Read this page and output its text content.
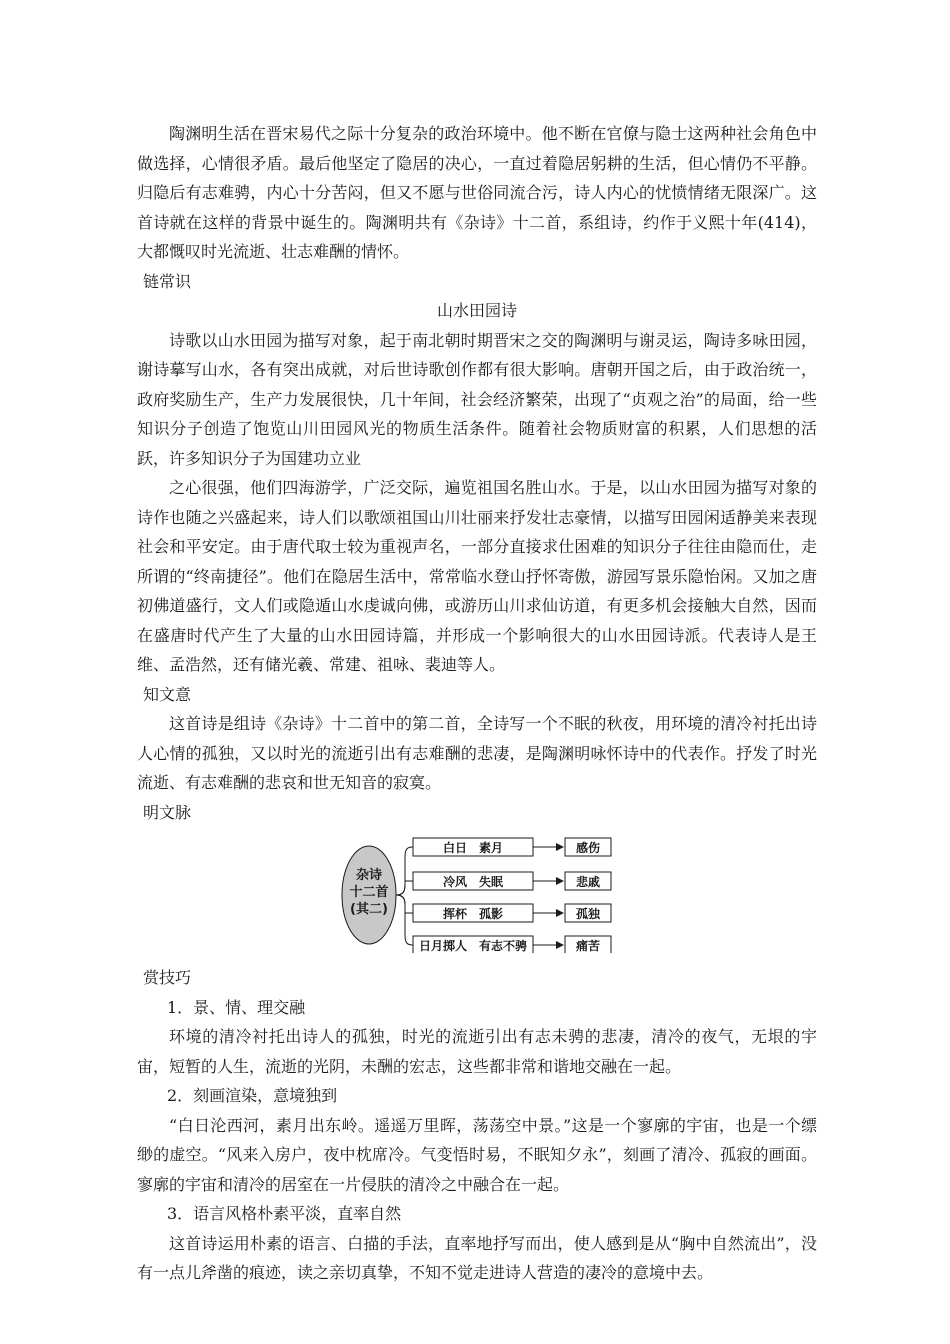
陶渊明生活在晋宋易代之际十分复杂的政治环境中。他不断在官僚与隐士这两种社会角色中做选择，心情很矛盾。最后他坚定了隐居的决心，一直过着隐居躬耕的生活，但心情仍不平静。归隐后有志难骋，内心十分苦闷，但又不愿与世俗同流合污，诗人内心的忧愤情绪无限深广。这首诗就在这样的背景中诞生的。陶渊明共有《杂诗》十二首，系组诗，约作于义熙十年(414)，大都慨叹时光流逝、壮志难酬的情怀。

链常识

山水田园诗

诗歌以山水田园为描写对象，起于南北朝时期晋宋之交的陶渊明与谢灵运，陶诗多咏田园，谢诗摹写山水，各有突出成就，对后世诗歌创作都有很大影响。唐朝开国之后，由于政治统一，政府奖励生产，生产力发展很快，几十年间，社会经济繁荣，出现了“贞观之治”的局面，给一些知识分子创造了饱览山川田园风光的物质生活条件。随着社会物质财富的积累，人们思想的活跃，许多知识分子为国建功立业

之心很强，他们四海游学，广泛交际，遍览祖国名胜山水。于是，以山水田园为描写对象的诗作也随之兴盛起来，诗人们以歌颂祖国山川壮丽来抒发壮志豪情，以描写田园闲适静美来表现社会和平安定。由于唐代取士较为重视声名，一部分直接求仕困难的知识分子往往由隐而仕，走所谓的“终南捷径”。他们在隐居生活中，常常临水登山抒怀寄傲，游园写景乐隐怡闲。又加之唐初佛道盛行，文人们或隐遁山水虔诚向佛，或游历山川求仙访道，有更多机会接触大自然，因而在盛唐时代产生了大量的山水田园诗篇，并形成一个影响很大的山水田园诗派。代表诗人是王维、孟浩然，还有储光羲、常建、祖咏、裴迪等人。

知文意

这首诗是组诗《杂诗》十二首中的第二首，全诗写一个不眠的秋夜，用环境的清冷衬托出诗人心情的孤独，又以时光的流逝引出有志难酬的悲凄，是陶渊明咏怀诗中的代表作。抒发了时光流逝、有志难酬的悲哀和世无知音的寂寞。

明文脉

杂诗
十二首
(其二)
白日　素月
冷风　失眠
挥杯　孤影
日月掷人　有志不骋
感伤
悲戚
孤独
痛苦

赏技巧

1．景、情、理交融

环境的清冷衬托出诗人的孤独，时光的流逝引出有志未骋的悲凄，清冷的夜气，无垠的宇宙，短暂的人生，流逝的光阴，未酬的宏志，这些都非常和谐地交融在一起。

2．刻画渲染，意境独到

“白日沦西河，素月出东岭。遥遥万里晖，荡荡空中景。”这是一个寥廓的宇宙，也是一个缥缈的虚空。“风来入房户，夜中枕席冷。气变悟时易，不眠知夕永”，刻画了清冷、孤寂的画面。寥廓的宇宙和清冷的居室在一片侵肤的清冷之中融合在一起。

3．语言风格朴素平淡，直率自然

这首诗运用朴素的语言、白描的手法，直率地抒写而出，使人感到是从“胸中自然流出”，没有一点儿斧凿的痕迹，读之亲切真挚，不知不觉走进诗人营造的凄冷的意境中去。
